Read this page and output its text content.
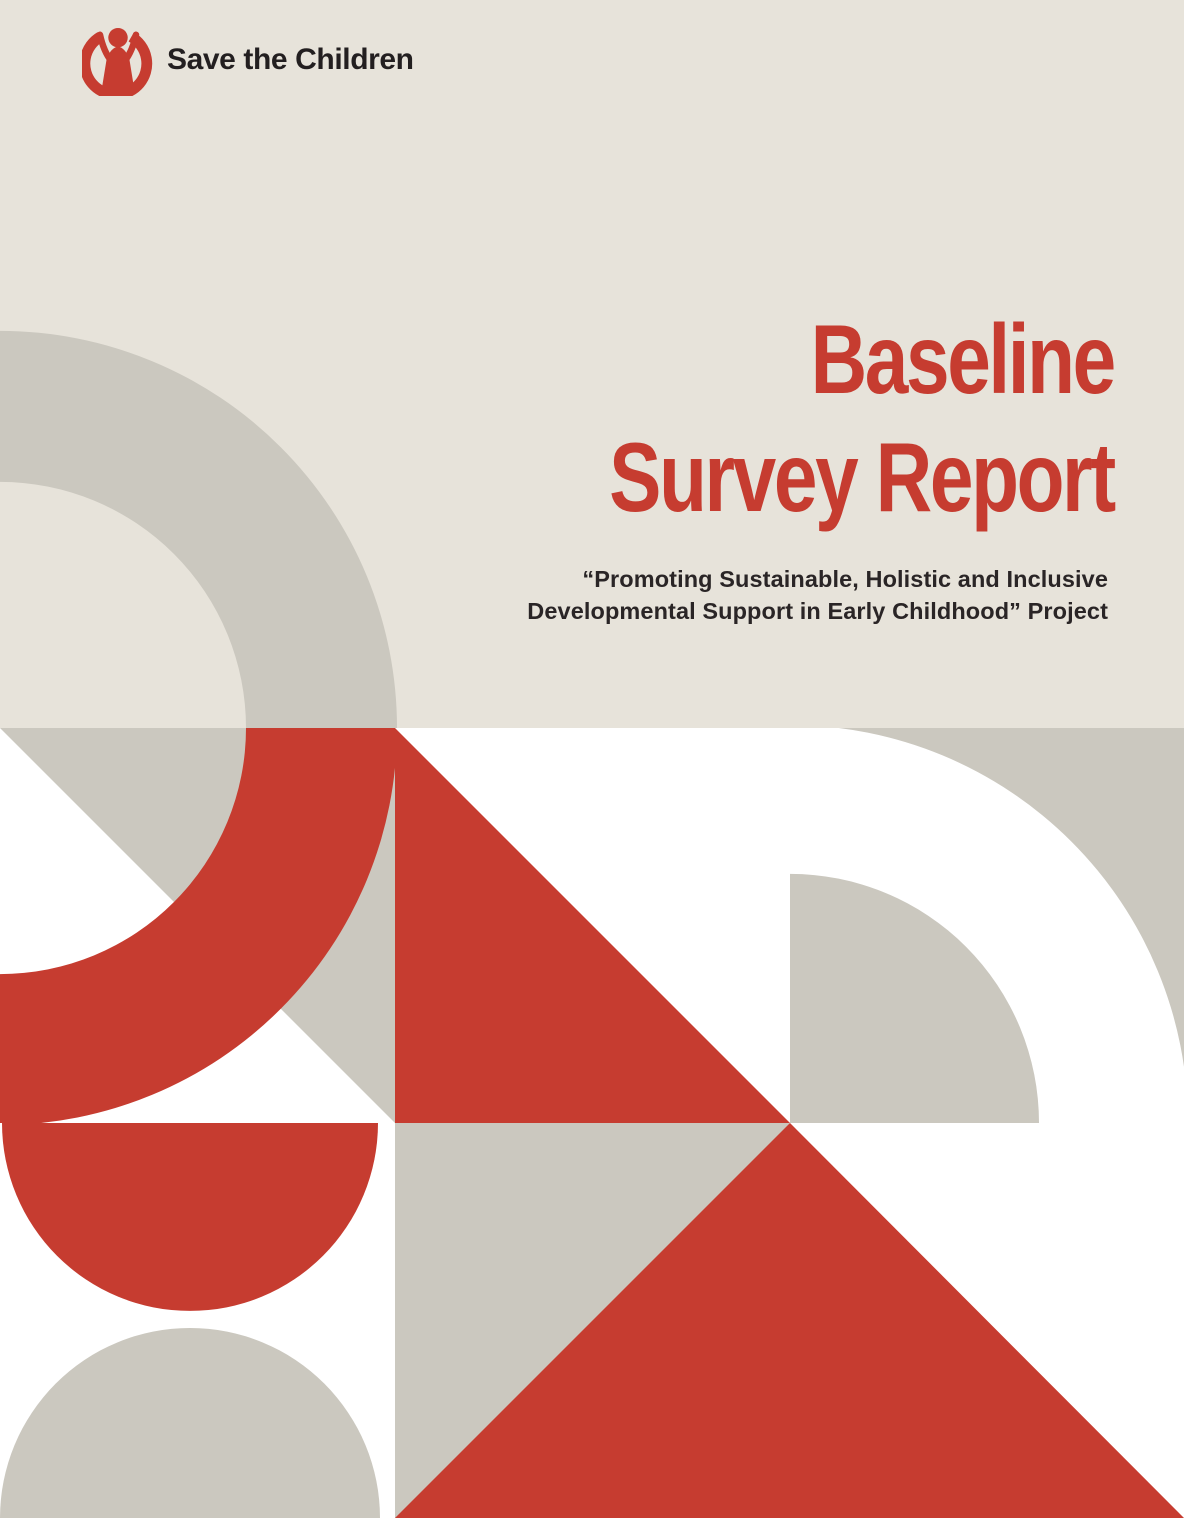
Save the Children
Baseline
Survey Report
“Promoting Sustainable, Holistic and Inclusive
Developmental Support in Early Childhood” Project
